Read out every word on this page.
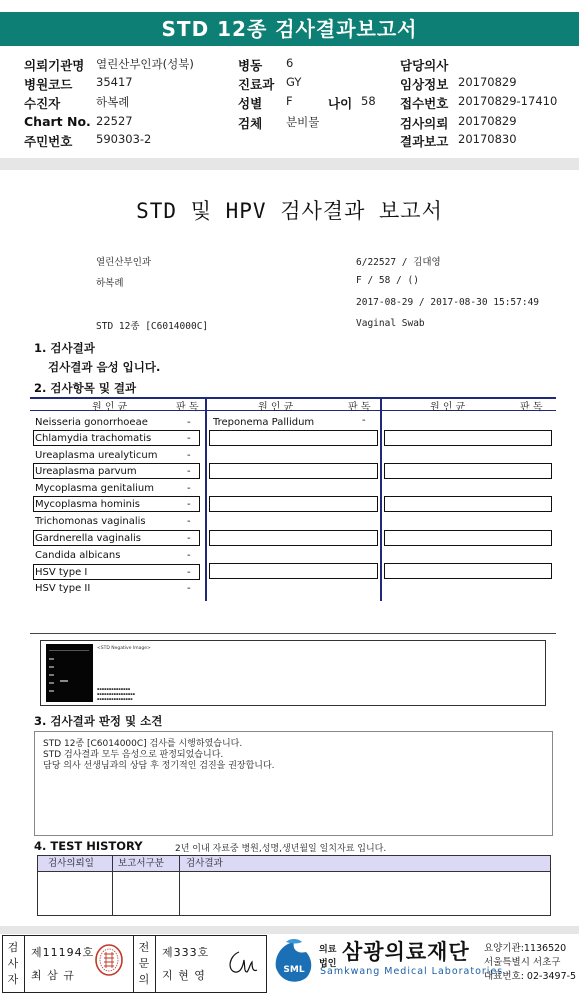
STD 12종 검사결과보고서
의뢰기관명 열린산부인과(성북)
병원코드 35417
수진자	하복례
Chart No. 22527
주민번호 590303-2
병동 6
진료과 GY
성별 F	나이 58
검체 분비물
담당의사
임상정보 20170829
접수번호 20170829-17410
검사의뢰 20170829
결과보고 20170830
STD 및 HPV 검사결과 보고서
열린산부인과
하복례
6/22527 / 김대영
F / 58 / ()
2017-08-29 / 2017-08-30 15:57:49
STD 12종 [C6014000C]	Vaginal Swab
1. 검사결과
검사결과 음성 입니다.
2. 검사항목 및 결과
원 인 균	판 독	원 인 균	판 독	원 인 균	판 독
Neisseria gonorrhoeae	-
Chlamydia trachomatis	-
Ureaplasma urealyticum	-
Ureaplasma parvum	-
Mycoplasma genitalium	-
Mycoplasma hominis	-
Trichomonas vaginalis	-
Gardnerella vaginalis	-
Candida albicans	-
HSV type I	-
HSV type II	-
Treponema Pallidum	-
<STD Negative Image>
▪▪▪▪▪▪▪▪▪▪▪▪▪▪
▪▪▪▪▪▪▪▪▪▪▪▪▪▪▪▪
▪▪▪▪▪▪▪▪▪▪▪▪▪▪▪
3. 검사결과 판정 및 소견
STD 12종 [C6014000C] 검사를 시행하였습니다.
STD 검사결과 모두 음성으로 판정되었습니다.
담당 의사 선생님과의 상담 후 정기적인 검진을 권장합니다.
4. TEST HISTORY	2년 이내 자료중 병원,성명,생년월일 일치자료 입니다.
검사의뢰일	보고서구분 검사결과
검사자
제11194호
최 삼 규
전문의
제333호
지 현 영	SML
의료
법인 삼광의료재단
Samkwang Medical Laboratories
요양기관:1136520
서울특별시 서초구
대표번호: 02-3497-5
